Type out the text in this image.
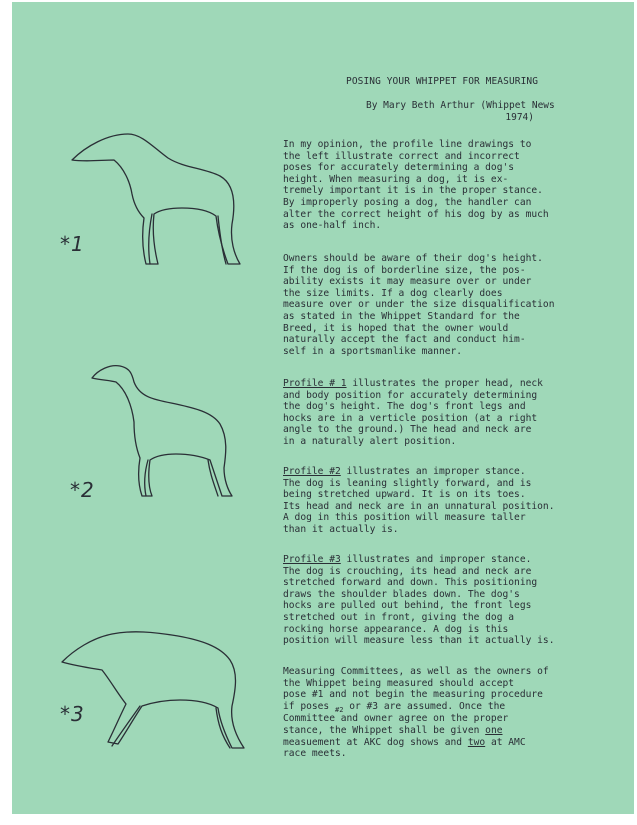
POSING YOUR WHIPPET FOR MEASURING
By Mary Beth Arthur (Whippet News
1974)

In my opinion, the profile line drawings to
the left illustrate correct and incorrect
poses for accurately determining a dog's
height. When measuring a dog, it is ex-
tremely important it is in the proper stance.
By improperly posing a dog, the handler can
alter the correct height of his dog by as much
as one-half inch.

Owners should be aware of their dog's height.
If the dog is of borderline size, the pos-
ability exists it may measure over or under
the size limits. If a dog clearly does
measure over or under the size disqualification
as stated in the Whippet Standard for the
Breed, it is hoped that the owner would
naturally accept the fact and conduct him-
self in a sportsmanlike manner.

Profile # 1 illustrates the proper head, neck
and body position for accurately determining
the dog's height. The dog's front legs and
hocks are in a verticle position (at a right
angle to the ground.) The head and neck are
in a naturally alert position.

Profile #2 illustrates an improper stance.
The dog is leaning slightly forward, and is
being stretched upward. It is on its toes.
Its head and neck are in an unnatural position.
A dog in this position will measure taller
than it actually is.

Profile #3 illustrates and improper stance.
The dog is crouching, its head and neck are
stretched forward and down. This positioning
draws the shoulder blades down. The dog's
hocks are pulled out behind, the front legs
stretched out in front, giving the dog a
rocking horse appearance. A dog is this
position will measure less than it actually is.

Measuring Committees, as well as the owners of
the Whippet being measured should accept
pose #1 and not begin the measuring procedure
if poses $_{\#2}$ or #3 are assumed. Once the
Committee and owner agree on the proper
stance, the Whippet shall be given one
measuement at AKC dog shows and two at AMC
race meets.

*1
*2
*3
